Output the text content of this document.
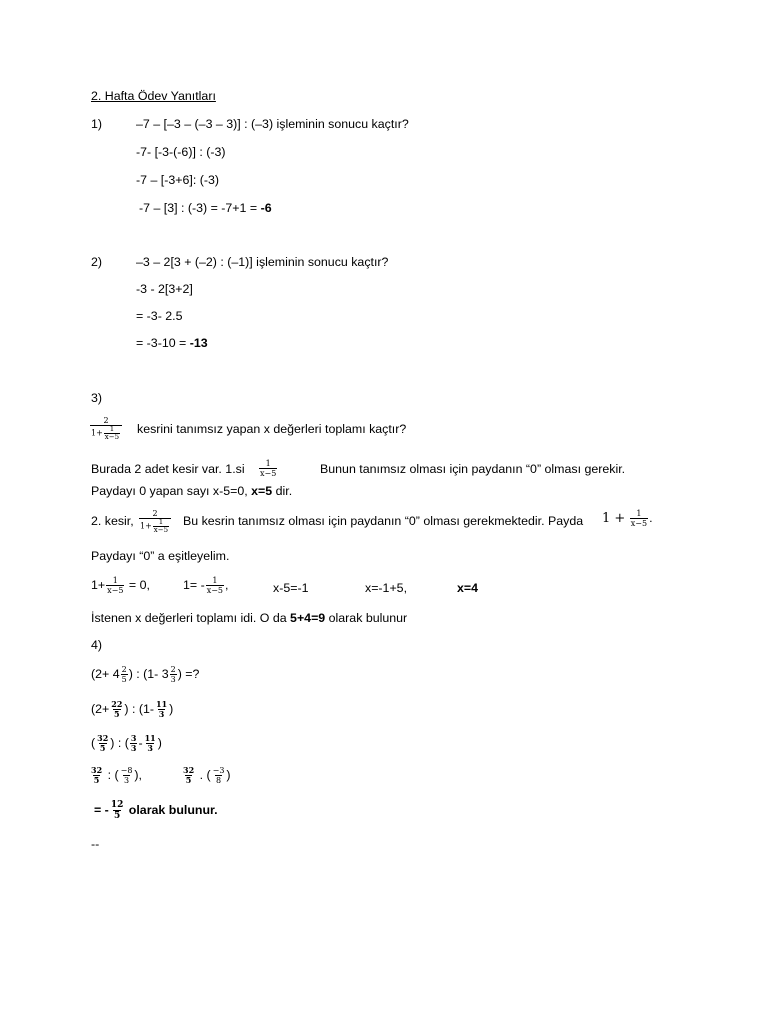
2. Hafta Ödev Yanıtları
1)	–7 – [–3 – (–3 – 3)] : (–3) işleminin sonucu kaçtır?
-7- [-3-(-6)] : (-3)
-7 – [-3+6]: (-3)
-7 – [3] : (-3) = -7+1 = -6
2)	–3 – 2[3 + (–2) : (–1)] işleminin sonucu kaçtır?
-3 - 2[3+2]
= -3- 2.5
= -3-10 = -13
3)
$\frac{2}{1+ \frac{1}{x-5}}$ kesrini tanımsız yapan x değerleri toplamı kaçtır?
Burada 2 adet kesir var. $1.si \frac{1}{x-5}$	Bunun tanımsız olması için paydanın “0” olması gerekir.
Paydayı 0 yapan sayı x-5=0, x=5 dir.
2. kesir, $\frac{2}{1+ \frac{1}{x-5}}$ Bu kesrin tanımsız olması için paydanın “0” olması gerekmektedir. Payda $1 + \frac{1}{x-5}$ .
Paydayı “0” a eşitleyelim.
$1+ \frac{1}{x-5} = 0$,	$1= - \frac{1}{x-5}$ ,	x-5=-1	x=-1+5,	x=4
İstenen x değerleri toplamı idi. O da 5+4=9 olarak bulunur
4)
($2+ 4 \frac{2}{5}$ ) : (1- $3 \frac{2}{3}$ ) =?
($2+ \frac{22}{5}$ ) : ($1- \frac{11}{3}$ )
( $\frac{32}{5}$ ) : ( $\frac{3}{3} - \frac{11}{3}$ )
$\frac{32}{5}$ : ( $\frac{-8}{3}$ ),	$\frac{32}{5}$ . ( $\frac{-3}{8}$ )
= - $\frac{12}{5}$ olarak bulunur.
--
